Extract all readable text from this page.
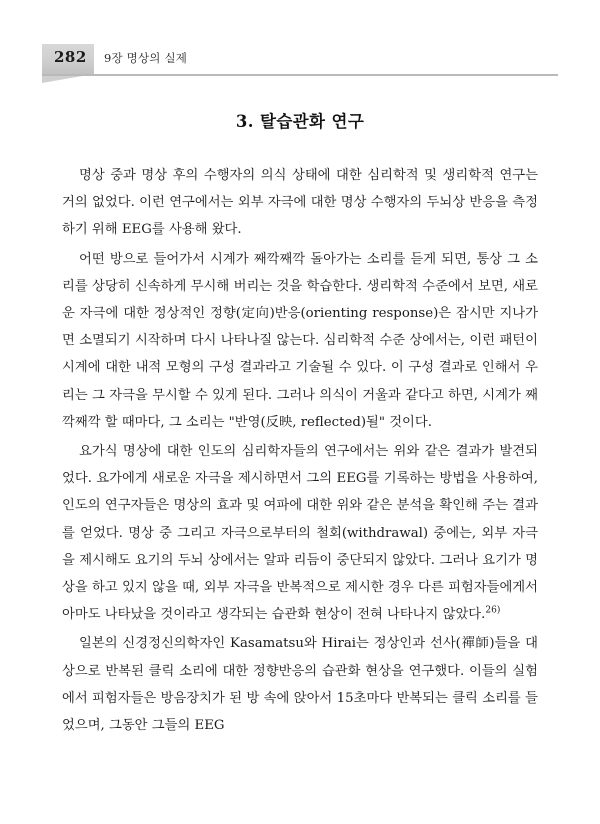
282 9장 명상의 실제
3. 탈습관화 연구

명상 중과 명상 후의 수행자의 의식 상태에 대한 심리학적 및 생리학적 연구는 거의 없었다. 이런 연구에서는 외부 자극에 대한 명상 수행자의 두뇌상 반응을 측정하기 위해 EEG를 사용해 왔다.

어떤 방으로 들어가서 시계가 째깍째깍 돌아가는 소리를 듣게 되면, 통상 그 소리를 상당히 신속하게 무시해 버리는 것을 학습한다. 생리학적 수준에서 보면, 새로운 자극에 대한 정상적인 정향(定向)반응(orienting response)은 잠시만 지나가면 소멸되기 시작하며 다시 나타나질 않는다. 심리학적 수준 상에서는, 이런 패턴이 시계에 대한 내적 모형의 구성 결과라고 기술될 수 있다. 이 구성 결과로 인해서 우리는 그 자극을 무시할 수 있게 된다. 그러나 의식이 거울과 같다고 하면, 시계가 째깍째깍 할 때마다, 그 소리는 "반영(反映, reflected)될" 것이다.

요가식 명상에 대한 인도의 심리학자들의 연구에서는 위와 같은 결과가 발견되었다. 요가에게 새로운 자극을 제시하면서 그의 EEG를 기록하는 방법을 사용하여, 인도의 연구자들은 명상의 효과 및 여파에 대한 위와 같은 분석을 확인해 주는 결과를 얻었다. 명상 중 그리고 자극으로부터의 철회(withdrawal) 중에는, 외부 자극을 제시해도 요기의 두뇌 상에서는 알파 리듬이 중단되지 않았다. 그러나 요기가 명상을 하고 있지 않을 때, 외부 자극을 반복적으로 제시한 경우 다른 피험자들에게서 아마도 나타났을 것이라고 생각되는 습관화 현상이 전혀 나타나지 않았다.$^{26)}$

일본의 신경정신의학자인 Kasamatsu와 Hirai는 정상인과 선사(禪師)들을 대상으로 반복된 클릭 소리에 대한 정향반응의 습관화 현상을 연구했다. 이들의 실험에서 피험자들은 방음장치가 된 방 속에 앉아서 15초마다 반복되는 클릭 소리를 들었으며, 그동안 그들의 EEG
